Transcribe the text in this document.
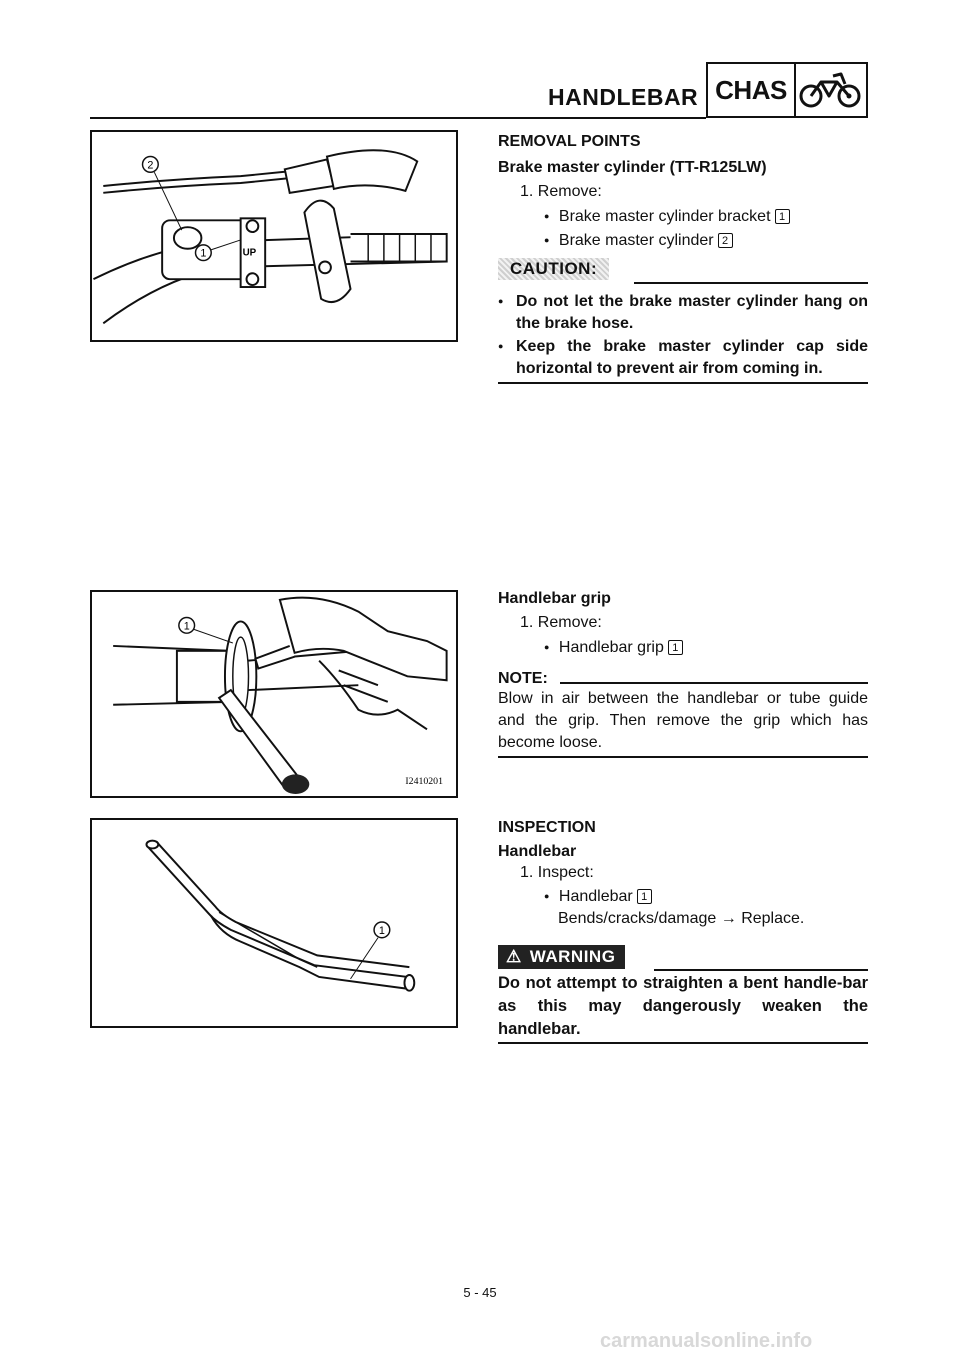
HANDLEBAR CHAS
UP
2
1
1
I2410201
1
REMOVAL POINTS
Brake master cylinder (TT-R125LW)
1. Remove:
● Brake master cylinder bracket 1
● Brake master cylinder 2
CAUTION:
● Do not let the brake master cylinder hang on the brake hose.
● Keep the brake master cylinder cap side horizontal to prevent air from coming in.
Handlebar grip
1. Remove:
● Handlebar grip 1
NOTE:
Blow in air between the handlebar or tube guide and the grip. Then remove the grip which has become loose.
INSPECTION
Handlebar
1. Inspect:
● Handlebar 1
Bends/cracks/damage → Replace.
⚠ WARNING
Do not attempt to straighten a bent handle-bar as this may dangerously weaken the handlebar.
5 - 45
carmanualsonline.info
